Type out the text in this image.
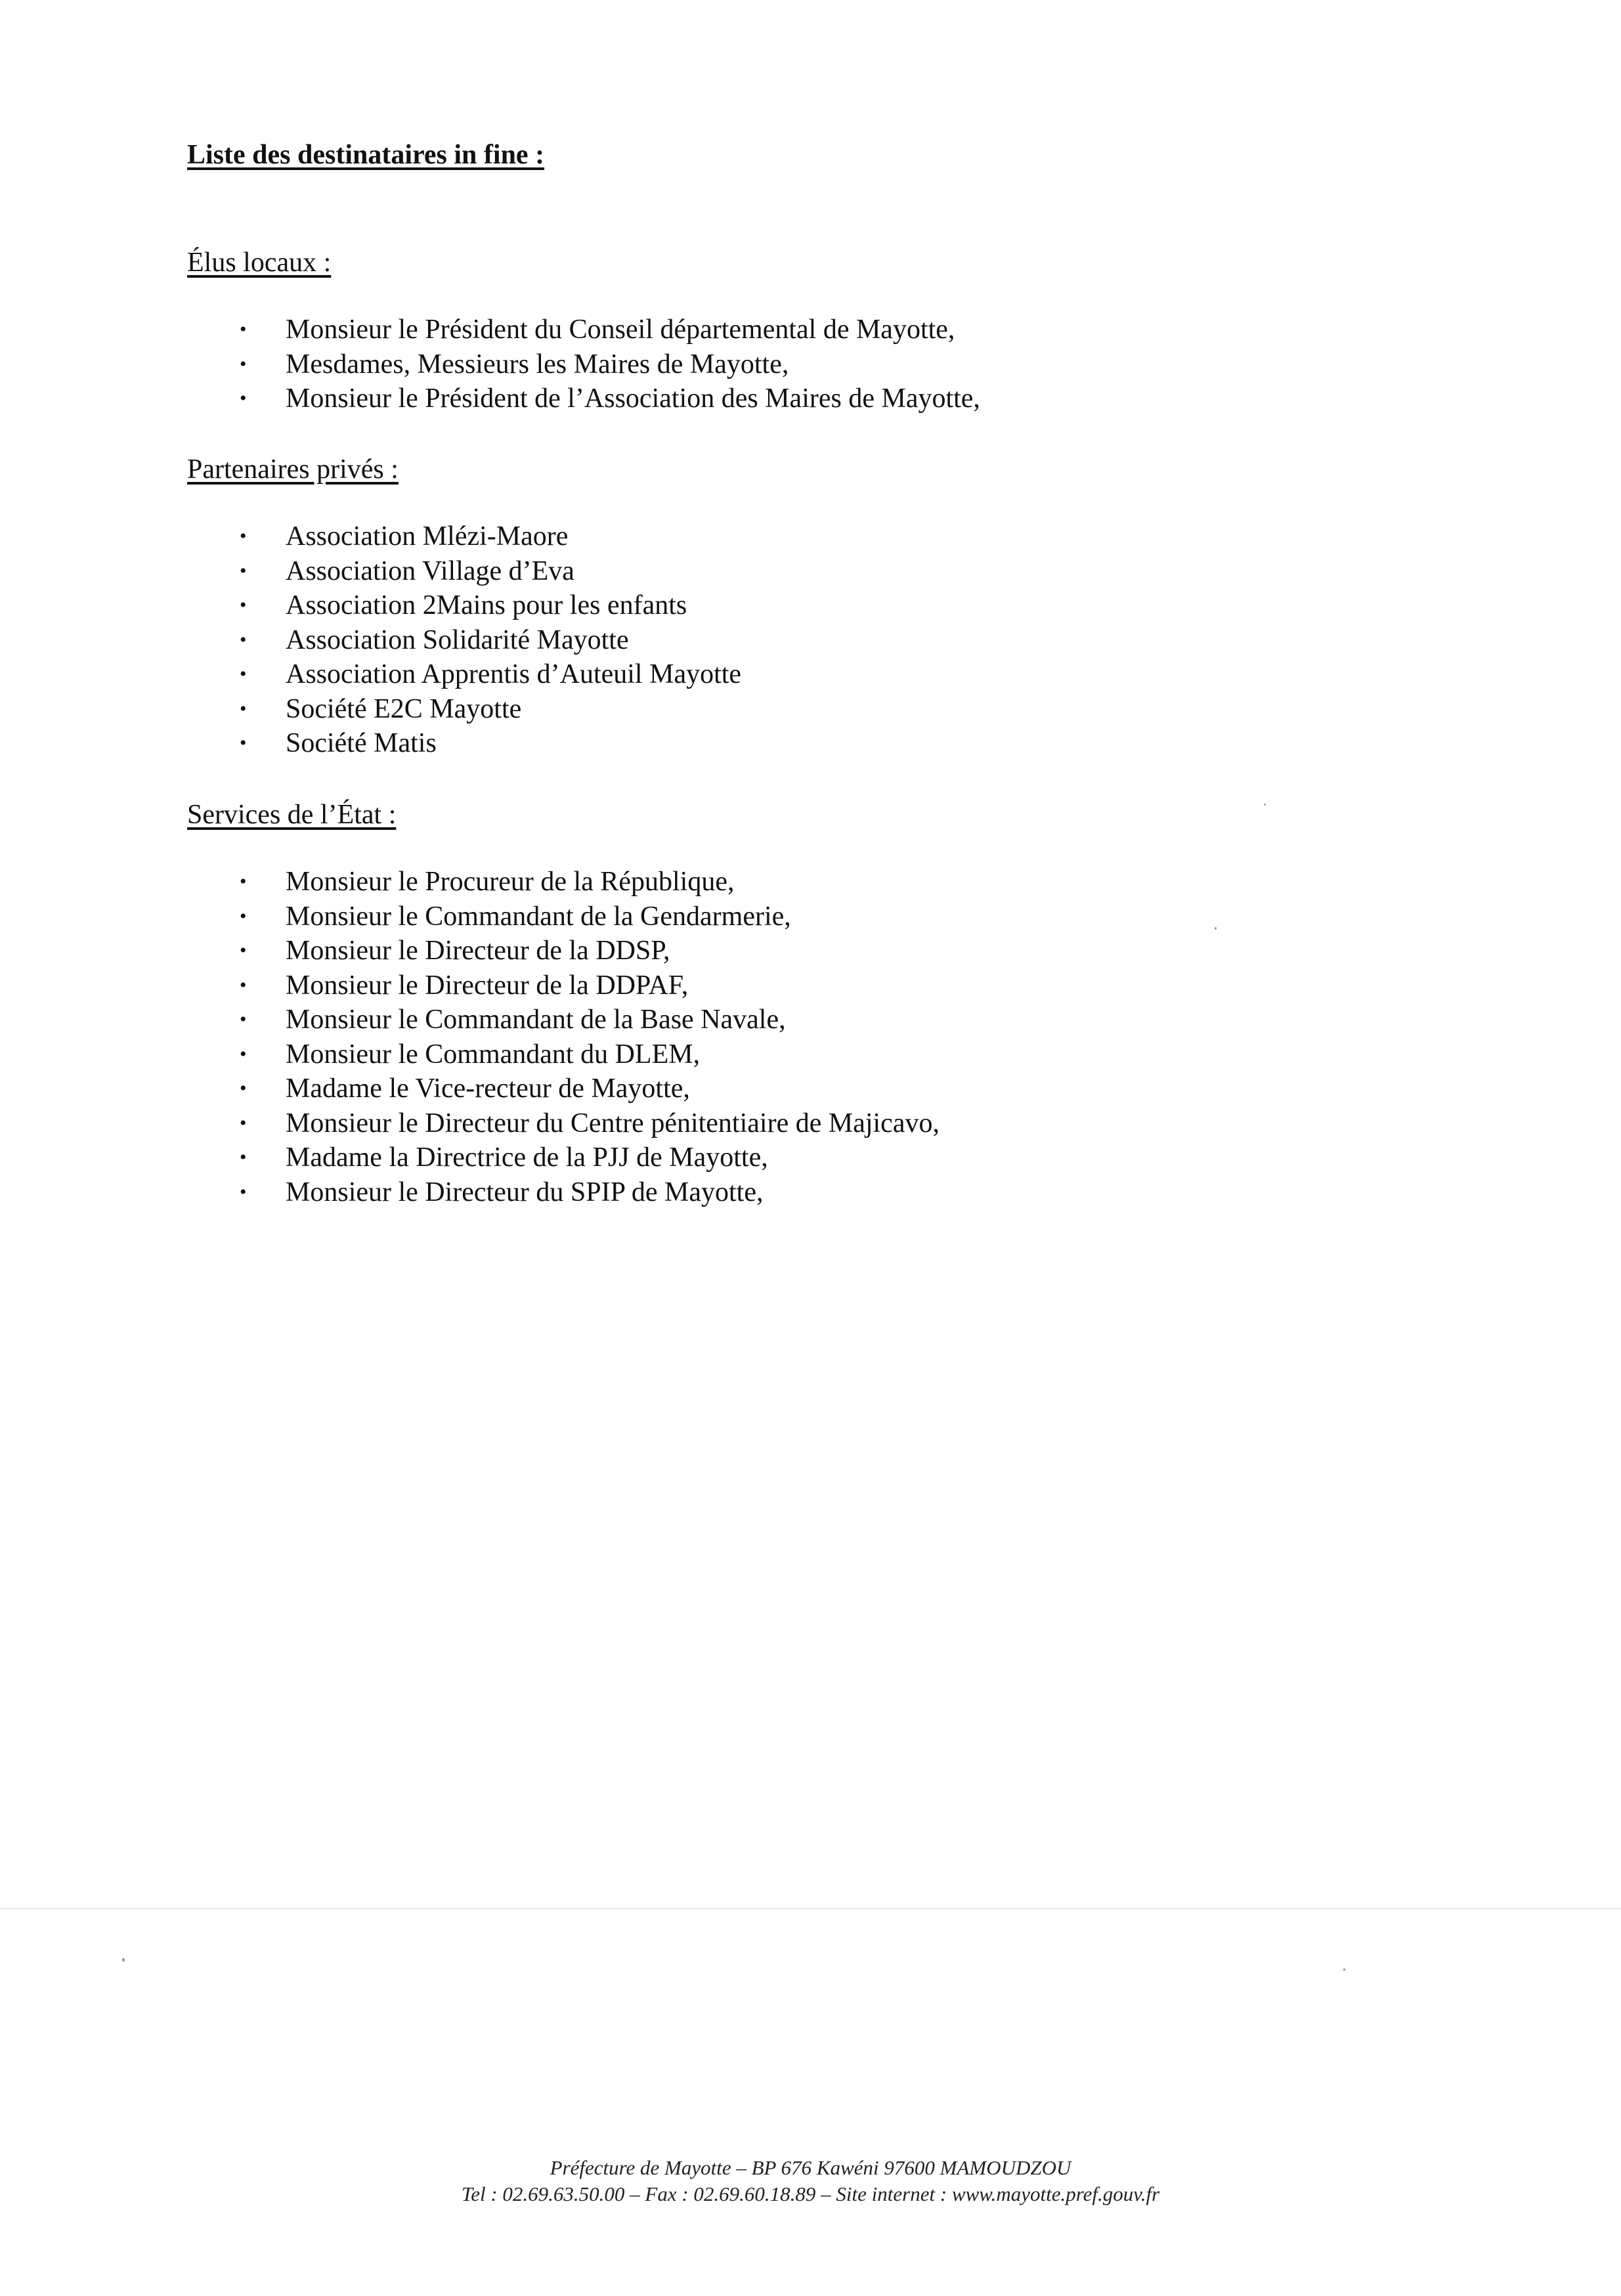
Liste des destinataires in fine :
Élus locaux :
• Monsieur le Président du Conseil départemental de Mayotte,
• Mesdames, Messieurs les Maires de Mayotte,
• Monsieur le Président de l’Association des Maires de Mayotte,
Partenaires privés :
• Association Mlézi-Maore
• Association Village d’Eva
• Association 2Mains pour les enfants
• Association Solidarité Mayotte
• Association Apprentis d’Auteuil Mayotte
• Société E2C Mayotte
• Société Matis
Services de l’État :
• Monsieur le Procureur de la République,
• Monsieur le Commandant de la Gendarmerie,
• Monsieur le Directeur de la DDSP,
• Monsieur le Directeur de la DDPAF,
• Monsieur le Commandant de la Base Navale,
• Monsieur le Commandant du DLEM,
• Madame le Vice-recteur de Mayotte,
• Monsieur le Directeur du Centre pénitentiaire de Majicavo,
• Madame la Directrice de la PJJ de Mayotte,
• Monsieur le Directeur du SPIP de Mayotte,
Préfecture de Mayotte – BP 676 Kawéni 97600 MAMOUDZOU
Tel : 02.69.63.50.00 – Fax : 02.69.60.18.89 – Site internet : www.mayotte.pref.gouv.fr
